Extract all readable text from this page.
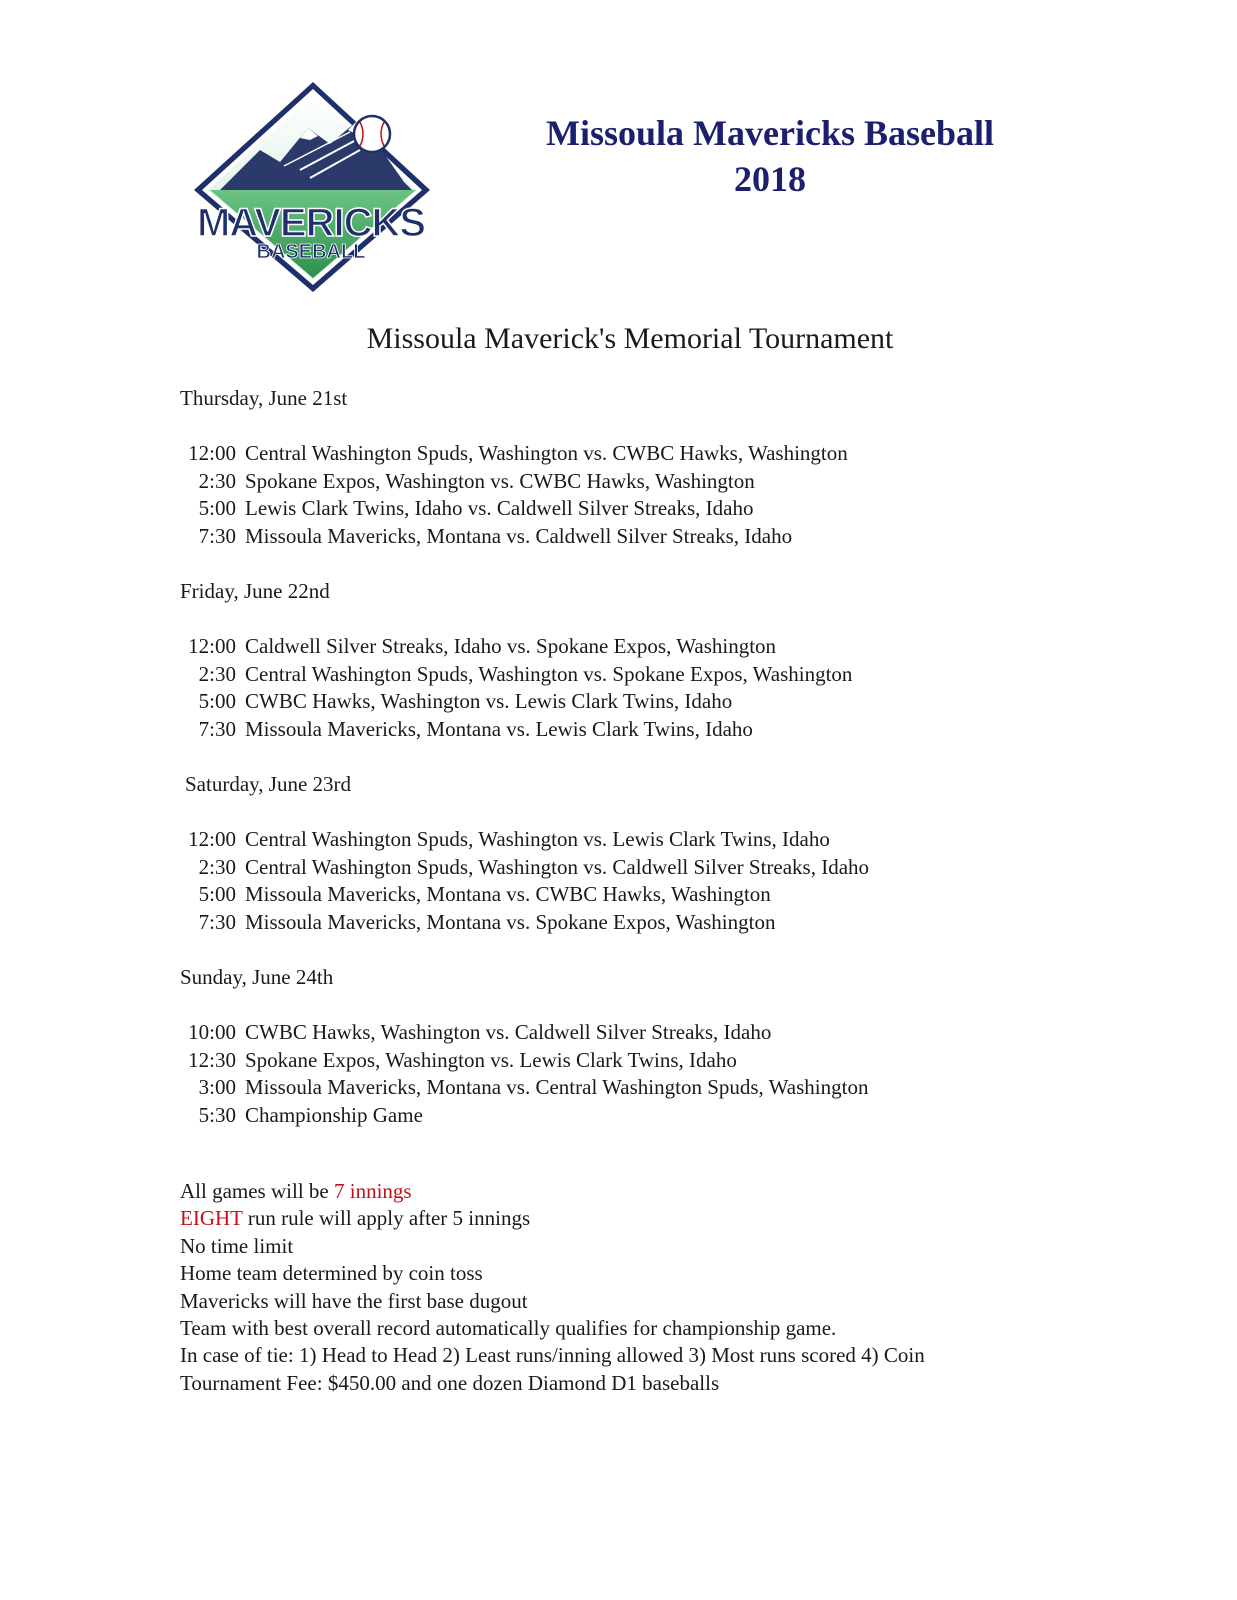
MAVERICKS
BASEBALL
Missoula Mavericks Baseball
2018
Missoula Maverick's Memorial Tournament
Thursday, June 21st
12:00 Central Washington Spuds, Washington vs. CWBC Hawks, Washington
2:30 Spokane Expos, Washington vs. CWBC Hawks, Washington
5:00 Lewis Clark Twins, Idaho vs. Caldwell Silver Streaks, Idaho
7:30 Missoula Mavericks, Montana vs. Caldwell Silver Streaks, Idaho
Friday, June 22nd
12:00 Caldwell Silver Streaks, Idaho vs. Spokane Expos, Washington
2:30 Central Washington Spuds, Washington vs. Spokane Expos, Washington
5:00 CWBC Hawks, Washington vs. Lewis Clark Twins, Idaho
7:30 Missoula Mavericks, Montana vs. Lewis Clark Twins, Idaho
Saturday, June 23rd
12:00 Central Washington Spuds, Washington vs. Lewis Clark Twins, Idaho
2:30 Central Washington Spuds, Washington vs. Caldwell Silver Streaks, Idaho
5:00 Missoula Mavericks, Montana vs. CWBC Hawks, Washington
7:30 Missoula Mavericks, Montana vs. Spokane Expos, Washington
Sunday, June 24th
10:00 CWBC Hawks, Washington vs. Caldwell Silver Streaks, Idaho
12:30 Spokane Expos, Washington vs. Lewis Clark Twins, Idaho
3:00 Missoula Mavericks, Montana vs. Central Washington Spuds, Washington
5:30 Championship Game
All games will be 7 innings
EIGHT run rule will apply after 5 innings
No time limit
Home team determined by coin toss
Mavericks will have the first base dugout
Team with best overall record automatically qualifies for championship game.
In case of tie: 1) Head to Head 2) Least runs/inning allowed 3) Most runs scored 4) Coin
Tournament Fee: $450.00 and one dozen Diamond D1 baseballs
